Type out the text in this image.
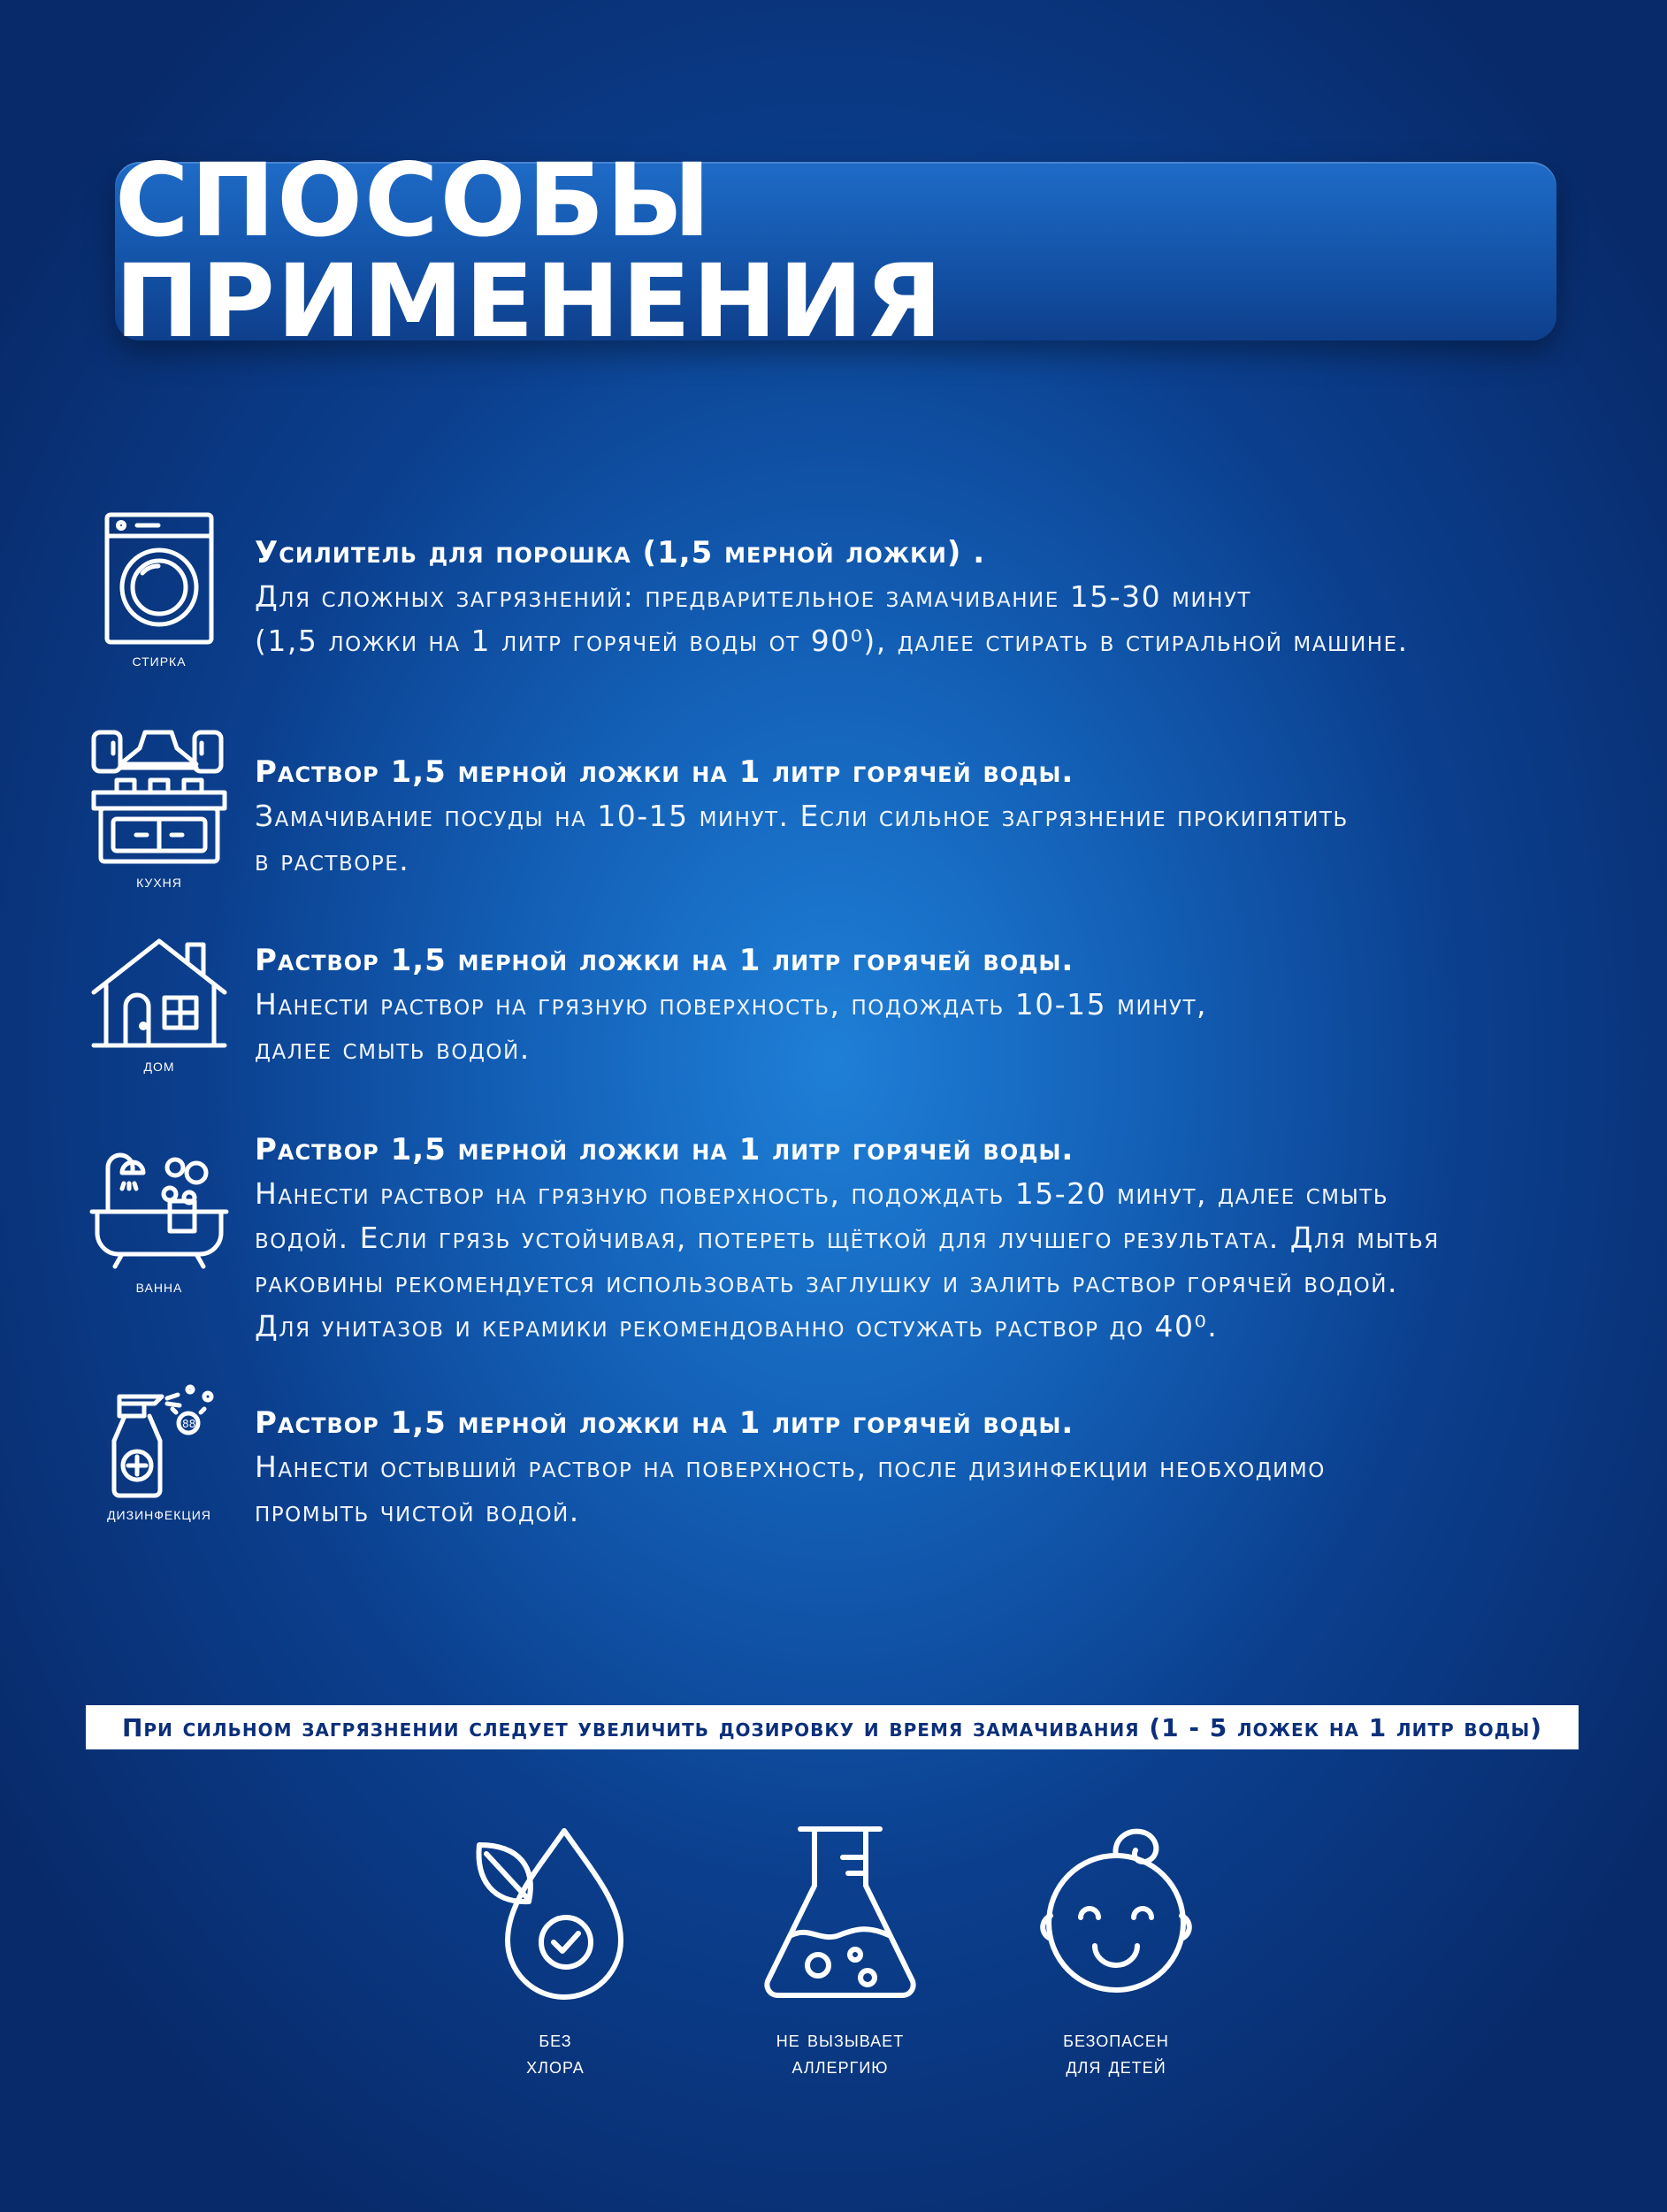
СПОСОБЫ ПРИМЕНЕНИЯ
стирка

Усилитель для порошка (1,5 мерной ложки) .

Для сложных загрязнений: предварительное замачивание 15-30 минут

(1,5 ложки на 1 литр горячей воды от 90⁰), далее стирать в стиральной машине.

кухня

Раствор 1,5 мерной ложки на 1 литр горячей воды.

Замачивание посуды на 10-15 минут. Если сильное загрязнение прокипятить

в растворе.

дом

Раствор 1,5 мерной ложки на 1 литр горячей воды.

Нанести раствор на грязную поверхность, подождать 10-15 минут,

далее смыть водой.

ванна

Раствор 1,5 мерной ложки на 1 литр горячей воды.

Нанести раствор на грязную поверхность, подождать 15-20 минут, далее смыть

водой. Если грязь устойчивая, потереть щёткой для лучшего результата. Для мытья

раковины рекомендуется использовать заглушку и залить раствор горячей водой.

Для унитазов и керамики рекомендованно остужать раствор до 40⁰.

88
дизинфекция

Раствор 1,5 мерной ложки на 1 литр горячей воды.

Нанести остывший раствор на поверхность, после дизинфекции необходимо

промыть чистой водой.

При сильном загрязнении следует увеличить дозировку и время замачивания (1 - 5 ложек на 1 литр воды)
без
хлора
не вызывает
аллергию
безопасен
для детей
